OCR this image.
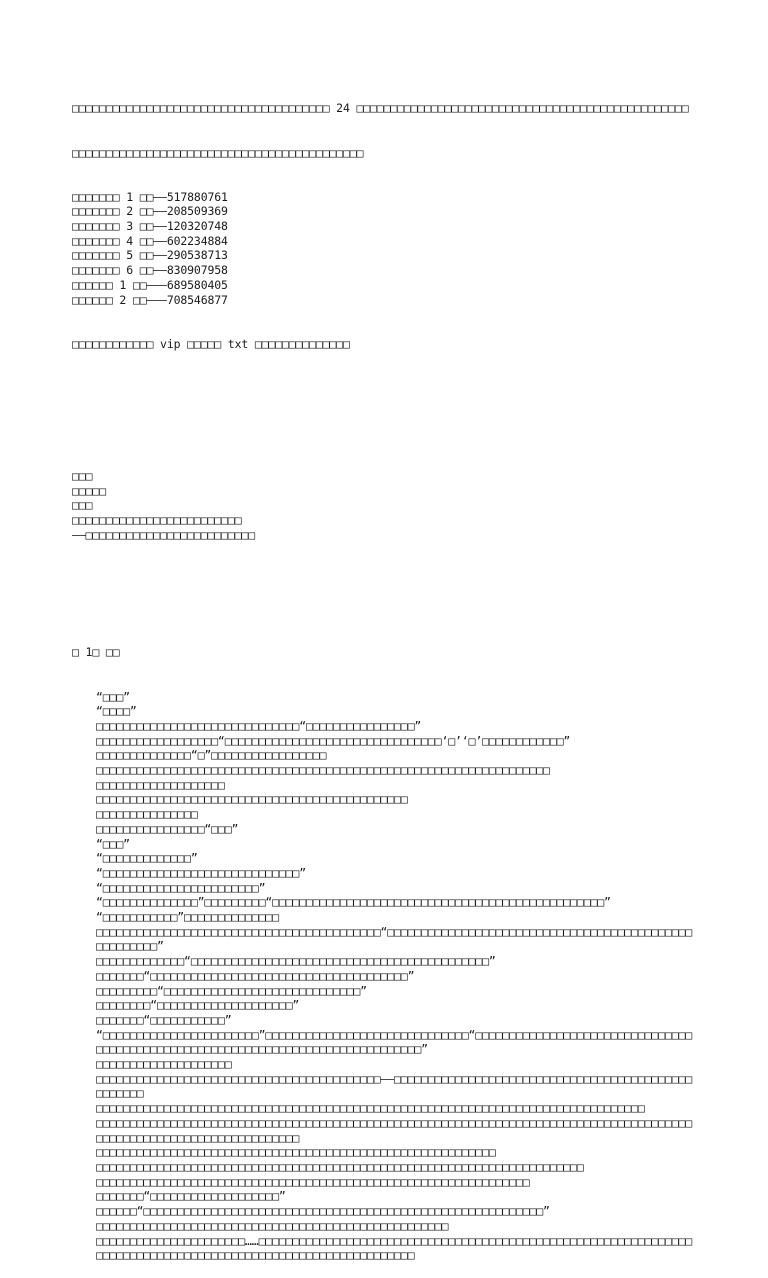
□□□□□□□□□□□□□□□□□□□□□□□□□□□□□□□□□□□□□□ 24 □□□□□□□□□□□□□□□□□□□□□□□□□□□□□□□□□□□□□□□□□□□□□□□□□

□□□□□□□□□□□□□□□□□□□□□□□□□□□□□□□□□□□□□□□□□□□

□□□□□□□ 1 □□——517880761
□□□□□□□ 2 □□——208509369
□□□□□□□ 3 □□——120320748
□□□□□□□ 4 □□——602234884
□□□□□□□ 5 □□——290538713
□□□□□□□ 6 □□——830907958
□□□□□□ 1 □□———689580405
□□□□□□ 2 □□———708546877

□□□□□□□□□□□□ vip □□□□□ txt □□□□□□□□□□□□□□

□□□
□□□□□
□□□
□□□□□□□□□□□□□□□□□□□□□□□□□
——□□□□□□□□□□□□□□□□□□□□□□□□□

□ 1□ □□

“□□□”
“□□□□”
□□□□□□□□□□□□□□□□□□□□□□□□□□□□□□“□□□□□□□□□□□□□□□□”
□□□□□□□□□□□□□□□□□□“□□□□□□□□□□□□□□□□□□□□□□□□□□□□□□□□‘□’‘□’□□□□□□□□□□□□”
□□□□□□□□□□□□□□“□”□□□□□□□□□□□□□□□□□
□□□□□□□□□□□□□□□□□□□□□□□□□□□□□□□□□□□□□□□□□□□□□□□□□□□□□□□□□□□□□□□□□□□
□□□□□□□□□□□□□□□□□□□
□□□□□□□□□□□□□□□□□□□□□□□□□□□□□□□□□□□□□□□□□□□□□□
□□□□□□□□□□□□□□□
□□□□□□□□□□□□□□□□“□□□”
“□□□”
“□□□□□□□□□□□□□”
“□□□□□□□□□□□□□□□□□□□□□□□□□□□□□”
“□□□□□□□□□□□□□□□□□□□□□□□”
“□□□□□□□□□□□□□□”□□□□□□□□□“□□□□□□□□□□□□□□□□□□□□□□□□□□□□□□□□□□□□□□□□□□□□□□□□□”
“□□□□□□□□□□□”□□□□□□□□□□□□□□
□□□□□□□□□□□□□□□□□□□□□□□□□□□□□□□□□□□□□□□□□□“□□□□□□□□□□□□□□□□□□□□□□□□□□□□□□□□□□□□□□□□□□□□□□□□□□□□□□”
□□□□□□□□□□□□□“□□□□□□□□□□□□□□□□□□□□□□□□□□□□□□□□□□□□□□□□□□□□”
□□□□□□□“□□□□□□□□□□□□□□□□□□□□□□□□□□□□□□□□□□□□□□”
□□□□□□□□□“□□□□□□□□□□□□□□□□□□□□□□□□□□□□□”
□□□□□□□□“□□□□□□□□□□□□□□□□□□□□”
□□□□□□□“□□□□□□□□□□□”
“□□□□□□□□□□□□□□□□□□□□□□□”□□□□□□□□□□□□□□□□□□□□□□□□□□□□□□“□□□□□□□□□□□□□□□□□□□□□□□□□□□□□□□□□□□□□□□□□□□□□□□□□□□□□□□□□□□□□□□□□□□□□□□□□□□□□□□□”
□□□□□□□□□□□□□□□□□□□□
□□□□□□□□□□□□□□□□□□□□□□□□□□□□□□□□□□□□□□□□□□——□□□□□□□□□□□□□□□□□□□□□□□□□□□□□□□□□□□□□□□□□□□□□□□□□□□
□□□□□□□□□□□□□□□□□□□□□□□□□□□□□□□□□□□□□□□□□□□□□□□□□□□□□□□□□□□□□□□□□□□□□□□□□□□□□□□□□
□□□□□□□□□□□□□□□□□□□□□□□□□□□□□□□□□□□□□□□□□□□□□□□□□□□□□□□□□□□□□□□□□□□□□□□□□□□□□□□□□□□□□□□□□□□□□□□□□□□□□□□□□□□□□□□□□□□□□□
□□□□□□□□□□□□□□□□□□□□□□□□□□□□□□□□□□□□□□□□□□□□□□□□□□□□□□□□□□□
□□□□□□□□□□□□□□□□□□□□□□□□□□□□□□□□□□□□□□□□□□□□□□□□□□□□□□□□□□□□□□□□□□□□□□□□
□□□□□□□□□□□□□□□□□□□□□□□□□□□□□□□□□□□□□□□□□□□□□□□□□□□□□□□□□□□□□□□□
□□□□□□□“□□□□□□□□□□□□□□□□□□□”
□□□□□□“□□□□□□□□□□□□□□□□□□□□□□□□□□□□□□□□□□□□□□□□□□□□□□□□□□□□□□□□□□□”
□□□□□□□□□□□□□□□□□□□□□□□□□□□□□□□□□□□□□□□□□□□□□□□□□□□□
□□□□□□□□□□□□□□□□□□□□□□……□□□□□□□□□□□□□□□□□□□□□□□□□□□□□□□□□□□□□□□□□□□□□□□□□□□□□□□□□□□□□□□□□□□□□□□□□□□□□□□□□□□□□□□□□□□□□□□□□□□□□□□□□□□□□□□
